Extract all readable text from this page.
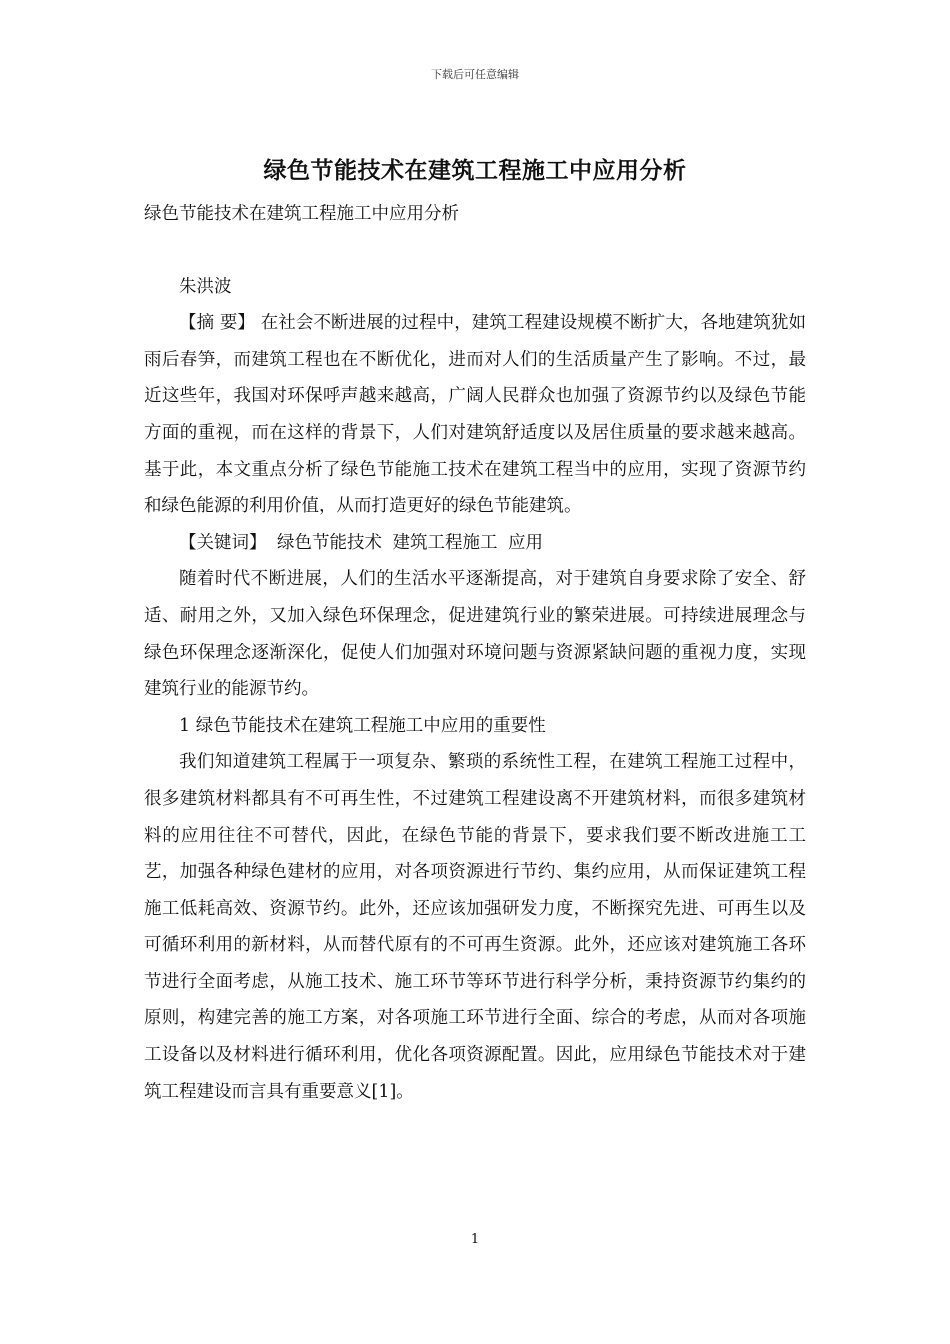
下载后可任意编辑
绿色节能技术在建筑工程施工中应用分析

绿色节能技术在建筑工程施工中应用分析

朱洪波

【摘 要】 在社会不断进展的过程中，建筑工程建设规模不断扩大，各地建筑犹如雨后春笋，而建筑工程也在不断优化，进而对人们的生活质量产生了影响。不过，最近这些年，我国对环保呼声越来越高，广阔人民群众也加强了资源节约以及绿色节能方面的重视，而在这样的背景下，人们对建筑舒适度以及居住质量的要求越来越高。基于此，本文重点分析了绿色节能施工技术在建筑工程当中的应用，实现了资源节约和绿色能源的利用价值，从而打造更好的绿色节能建筑。

【关键词】 绿色节能技术 建筑工程施工 应用

随着时代不断进展，人们的生活水平逐渐提高，对于建筑自身要求除了安全、舒适、耐用之外，又加入绿色环保理念，促进建筑行业的繁荣进展。可持续进展理念与绿色环保理念逐渐深化，促使人们加强对环境问题与资源紧缺问题的重视力度，实现建筑行业的能源节约。

1 绿色节能技术在建筑工程施工中应用的重要性

我们知道建筑工程属于一项复杂、繁琐的系统性工程，在建筑工程施工过程中，很多建筑材料都具有不可再生性，不过建筑工程建设离不开建筑材料，而很多建筑材料的应用往往不可替代，因此，在绿色节能的背景下，要求我们要不断改进施工工艺，加强各种绿色建材的应用，对各项资源进行节约、集约应用，从而保证建筑工程施工低耗高效、资源节约。此外，还应该加强研发力度，不断探究先进、可再生以及可循环利用的新材料，从而替代原有的不可再生资源。此外，还应该对建筑施工各环节进行全面考虑，从施工技术、施工环节等环节进行科学分析，秉持资源节约集约的原则，构建完善的施工方案，对各项施工环节进行全面、综合的考虑，从而对各项施工设备以及材料进行循环利用，优化各项资源配置。因此，应用绿色节能技术对于建筑工程建设而言具有重要意义[1]。

1
